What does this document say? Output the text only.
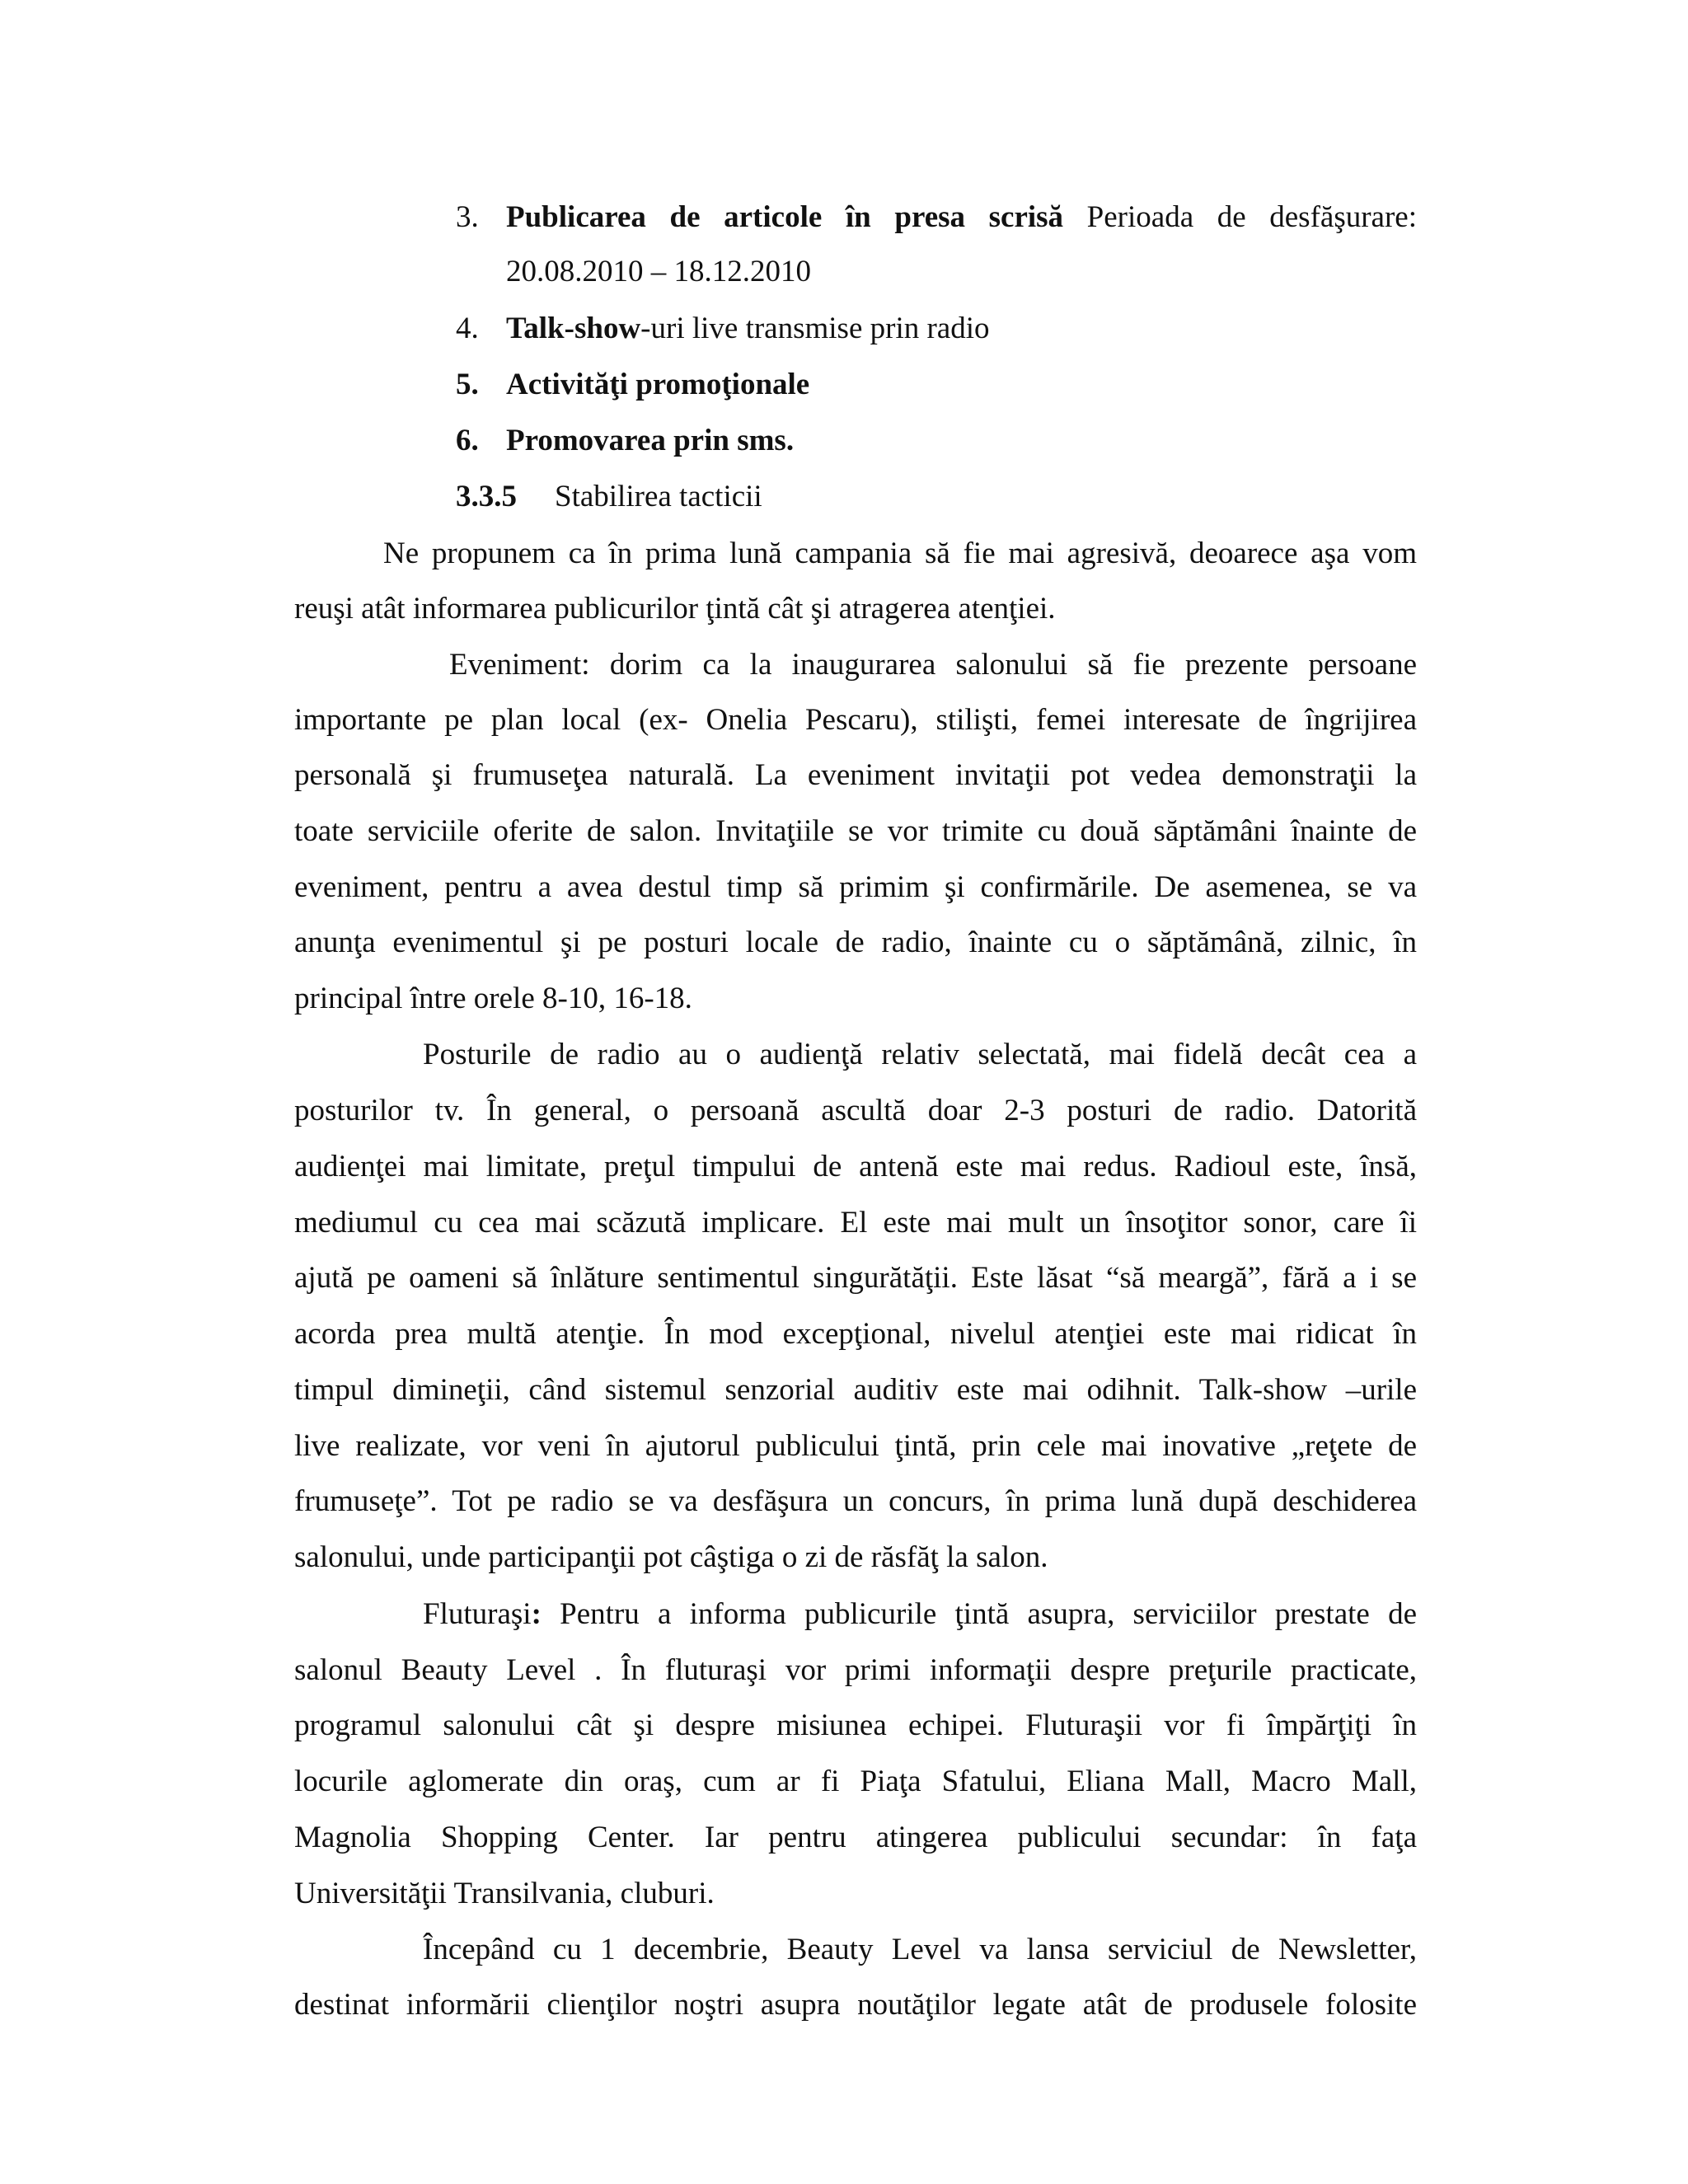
3. Publicarea de articole în presa scrisă Perioada de desfăşurare:
20.08.2010 – 18.12.2010
4. Talk-show-uri live transmise prin radio
5. Activităţi promoţionale
6. Promovarea prin sms.
3.3.5 Stabilirea tacticii
Ne propunem ca în prima lună campania să fie mai agresivă, deoarece aşa vom
reuşi atât informarea publicurilor ţintă cât şi atragerea atenţiei.
Eveniment: dorim ca la inaugurarea salonului să fie prezente persoane
importante pe plan local (ex- Onelia Pescaru), stilişti, femei interesate de îngrijirea
personală şi frumuseţea naturală. La eveniment invitaţii pot vedea demonstraţii la
toate serviciile oferite de salon. Invitaţiile se vor trimite cu două săptămâni înainte de
eveniment, pentru a avea destul timp să primim şi confirmările. De asemenea, se va
anunţa evenimentul şi pe posturi locale de radio, înainte cu o săptămână, zilnic, în
principal între orele 8-10, 16-18.
Posturile de radio au o audienţă relativ selectată, mai fidelă decât cea a
posturilor tv. În general, o persoană ascultă doar 2-3 posturi de radio. Datorită
audienţei mai limitate, preţul timpului de antenă este mai redus. Radioul este, însă,
mediumul cu cea mai scăzută implicare. El este mai mult un însoţitor sonor, care îi
ajută pe oameni să înlăture sentimentul singurătăţii. Este lăsat “să meargă”, fără a i se
acorda prea multă atenţie. În mod excepţional, nivelul atenţiei este mai ridicat în
timpul dimineţii, când sistemul senzorial auditiv este mai odihnit. Talk-show –urile
live realizate, vor veni în ajutorul publicului ţintă, prin cele mai inovative „reţete de
frumuseţe”. Tot pe radio se va desfăşura un concurs, în prima lună după deschiderea
salonului, unde participanţii pot câştiga o zi de răsfăţ la salon.
Fluturaşi: Pentru a informa publicurile ţintă asupra, serviciilor prestate de
salonul Beauty Level . În fluturaşi vor primi informaţii despre preţurile practicate,
programul salonului cât şi despre misiunea echipei. Fluturaşii vor fi împărţiţi în
locurile aglomerate din oraş, cum ar fi Piaţa Sfatului, Eliana Mall, Macro Mall,
Magnolia Shopping Center. Iar pentru atingerea publicului secundar: în faţa
Universităţii Transilvania, cluburi.
Începând cu 1 decembrie, Beauty Level va lansa serviciul de Newsletter,
destinat informării clienţilor noştri asupra noutăţilor legate atât de produsele folosite
